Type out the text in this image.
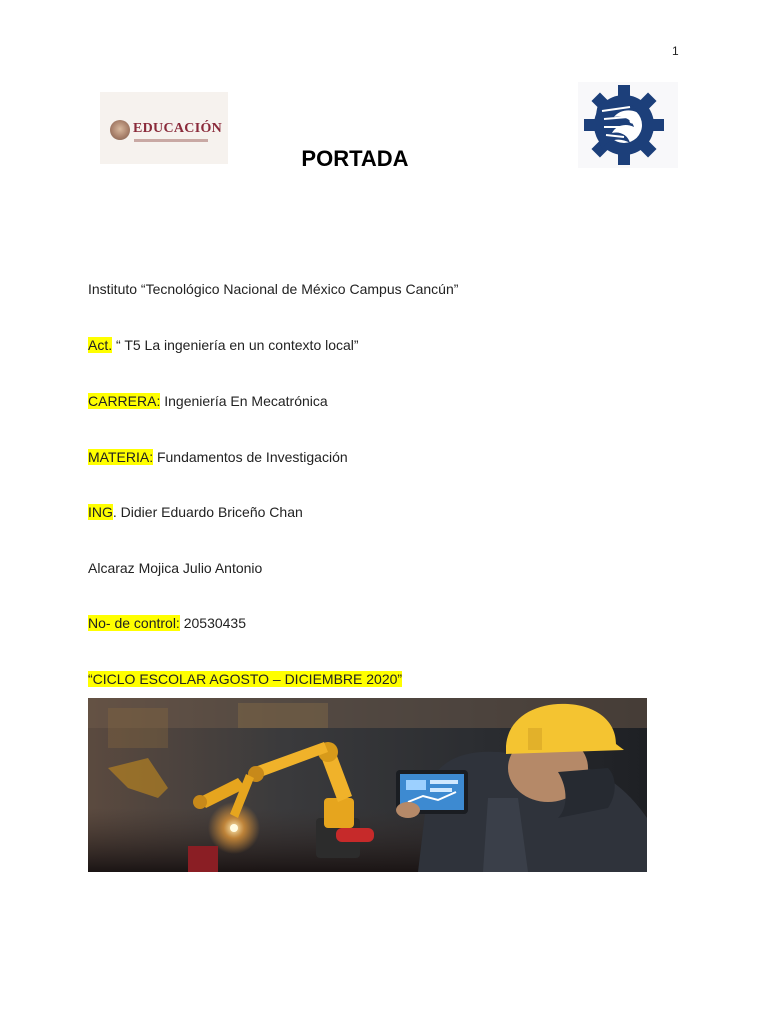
1
EDUCACIÓN
PORTADA
Instituto “Tecnológico Nacional de México Campus Cancún”
Act. “ T5 La ingeniería en un contexto local”
CARRERA: Ingeniería En Mecatrónica
MATERIA: Fundamentos de Investigación
ING. Didier Eduardo Briceño Chan
Alcaraz Mojica Julio Antonio
No- de control: 20530435
“CICLO ESCOLAR AGOSTO – DICIEMBRE 2020”
